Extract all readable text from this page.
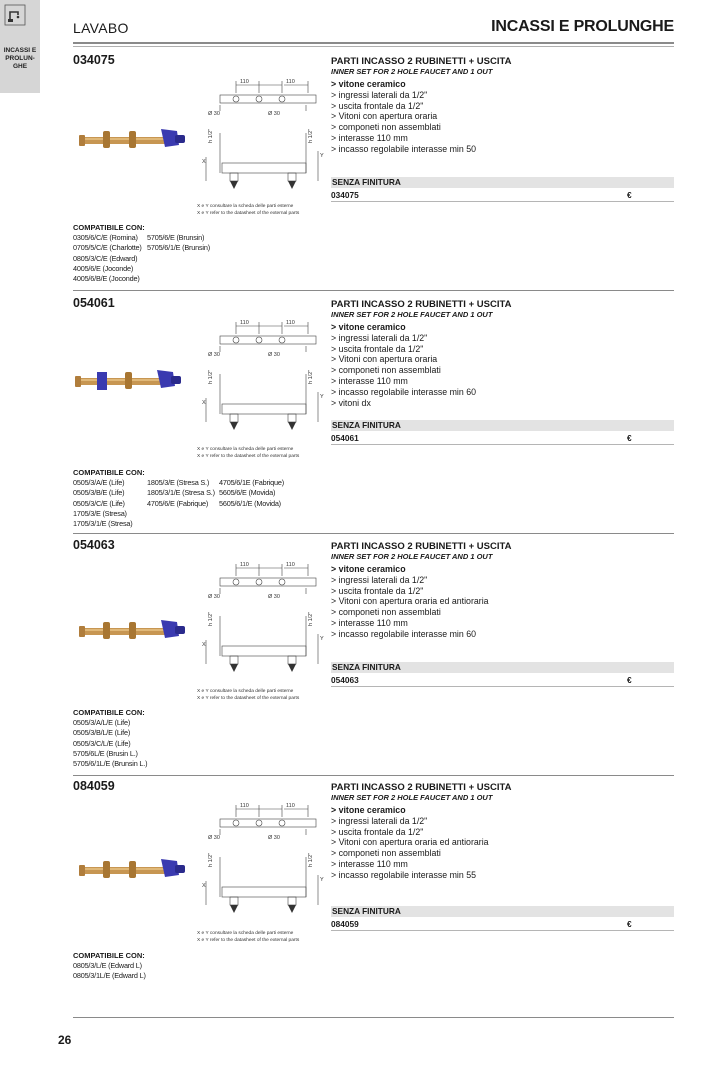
INCASSI E
PROLUN-
GHE
LAVABO	INCASSI E PROLUNGHE
034075	PARTI INCASSO 2 RUBINETTI + USCITA
INNER SET FOR 2 HOLE FAUCET AND 1 OUT
> vitone ceramico
> ingressi laterali da 1/2"
> uscita frontale da 1/2"
> Vitoni con apertura oraria
> componeti non assemblati
> interasse 110 mm
> incasso regolabile interasse min 50
SENZA FINITURA
034075	€
110	110
Ø 30	Ø 30
X
Y
h 1/2"	h 1/2"
X e Y consultare la scheda delle parti esterne
X e Y refer to the datasheet of the external parts
COMPATIBILE CON:
0305/6/C/E (Romina)
0705/5/C/E (Charlotte)
0805/3/C/E (Edward)
4005/6/E (Joconde)
4005/6/B/E (Joconde)
5705/6/E (Brunsin)
5705/6/1/E (Brunsin)
054061	PARTI INCASSO 2 RUBINETTI + USCITA
INNER SET FOR 2 HOLE FAUCET AND 1 OUT
> vitone ceramico
> ingressi laterali da 1/2"
> uscita frontale da 1/2"
> Vitoni con apertura oraria
> componeti non assemblati
> interasse 110 mm
> incasso regolabile interasse min 60
> vitoni dx
SENZA FINITURA
054061	€
110	110
Ø 30	Ø 30
X
Y
h 1/2"	h 1/2"
X e Y consultare la scheda delle parti esterne
X e Y refer to the datasheet of the external parts
COMPATIBILE CON:
0505/3/A/E (Life)
0505/3/B/E (Life)
0505/3/C/E (Life)
1705/3/E (Stresa)
1705/3/1/E (Stresa)
1805/3/E (Stresa S.)
1805/3/1/E (Stresa S.)
4705/6/E (Fabrique)
4705/6/1E (Fabrique)
5605/6/E (Movida)
5605/6/1/E (Movida)
054063	PARTI INCASSO 2 RUBINETTI + USCITA
INNER SET FOR 2 HOLE FAUCET AND 1 OUT
> vitone ceramico
> ingressi laterali da 1/2"
> uscita frontale da 1/2"
> Vitoni con apertura oraria ed antioraria
> componeti non assemblati
> interasse 110 mm
> incasso regolabile interasse min 60
SENZA FINITURA
054063	€
110	110
Ø 30	Ø 30
X
Y
h 1/2"	h 1/2"
X e Y consultare la scheda delle parti esterne
X e Y refer to the datasheet of the external parts
COMPATIBILE CON:
0505/3/A/L/E (Life)
0505/3/B/L/E (Life)
0505/3/C/L/E (Life)
5705/6L/E (Brusin L.)
5705/6/1L/E (Brunsin L.)
084059	PARTI INCASSO 2 RUBINETTI + USCITA
INNER SET FOR 2 HOLE FAUCET AND 1 OUT
> vitone ceramico
> ingressi laterali da 1/2"
> uscita frontale da 1/2"
> Vitoni con apertura oraria ed antioraria
> componeti non assemblati
> interasse 110 mm
> incasso regolabile interasse min 55
SENZA FINITURA
084059	€
110	110
Ø 30	Ø 30
X
Y
h 1/2"	h 1/2"
X e Y consultare la scheda delle parti esterne
X e Y refer to the datasheet of the external parts
COMPATIBILE CON:
0805/3/L/E (Edward L)
0805/3/1L/E (Edward L)
26
